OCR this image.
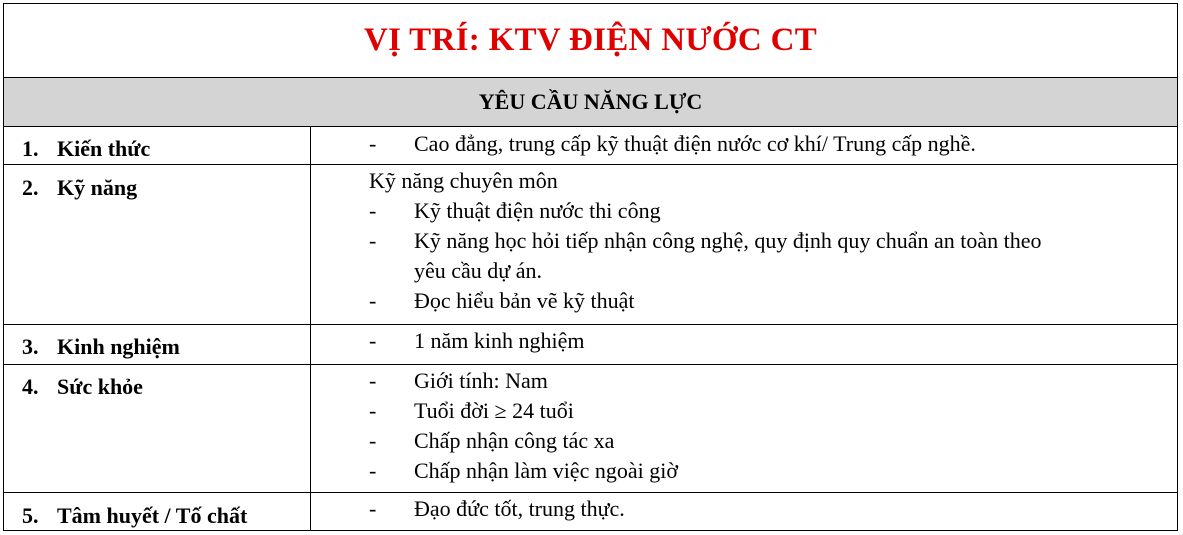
VỊ TRÍ: KTV ĐIỆN NƯỚC CT
YÊU CẦU NĂNG LỰC
1. Kiến thức	- Cao đẳng, trung cấp kỹ thuật điện nước cơ khí/ Trung cấp nghề.
2. Kỹ năng	Kỹ năng chuyên môn
- Kỹ thuật điện nước thi công
- Kỹ năng học hỏi tiếp nhận công nghệ, quy định quy chuẩn an toàn theo
yêu cầu dự án.
- Đọc hiểu bản vẽ kỹ thuật
3. Kinh nghiệm	- 1 năm kinh nghiệm
4. Sức khỏe	- Giới tính: Nam
- Tuổi đời ≥ 24 tuổi
- Chấp nhận công tác xa
- Chấp nhận làm việc ngoài giờ
5. Tâm huyết / Tố chất	- Đạo đức tốt, trung thực.
